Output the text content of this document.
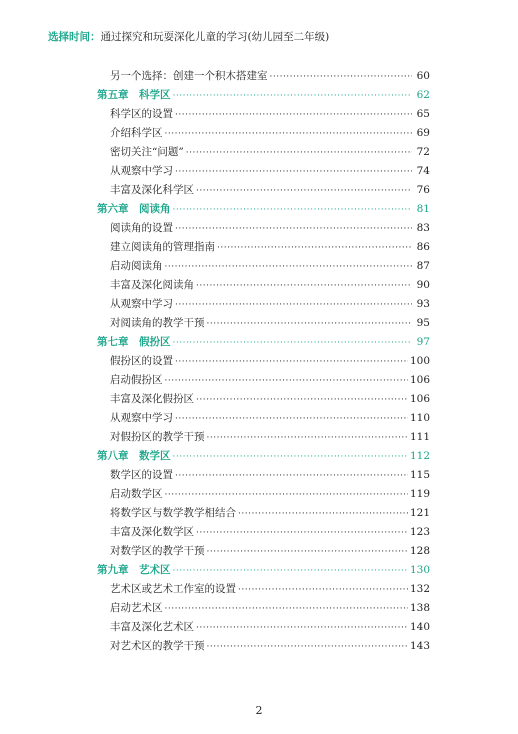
选择时间：通过探究和玩耍深化儿童的学习(幼儿园至二年级)
另一个选择：创建一个积木搭建室 ·····	60
第五章　科学区 ·····	62
科学区的设置 ·····	65
介绍科学区 ·····	69
密切关注“问题” ·····	72
从观察中学习 ·····	74
丰富及深化科学区 ·····	76
第六章　阅读角 ·····	81
阅读角的设置 ·····	83
建立阅读角的管理指南 ·····	86
启动阅读角 ·····	87
丰富及深化阅读角 ·····	90
从观察中学习 ·····	93
对阅读角的教学干预 ·····	95
第七章　假扮区 ·····	97
假扮区的设置 ·····	100
启动假扮区 ·····	106
丰富及深化假扮区 ·····	106
从观察中学习 ·····	110
对假扮区的教学干预 ·····	111
第八章　数学区 ·····	112
数学区的设置 ·····	115
启动数学区 ·····	119
将数学区与数学教学相结合 ·····	121
丰富及深化数学区 ·····	123
对数学区的教学干预 ·····	128
第九章　艺术区 ·····	130
艺术区或艺术工作室的设置 ·····	132
启动艺术区 ·····	138
丰富及深化艺术区 ·····	140
对艺术区的教学干预 ·····	143
2
